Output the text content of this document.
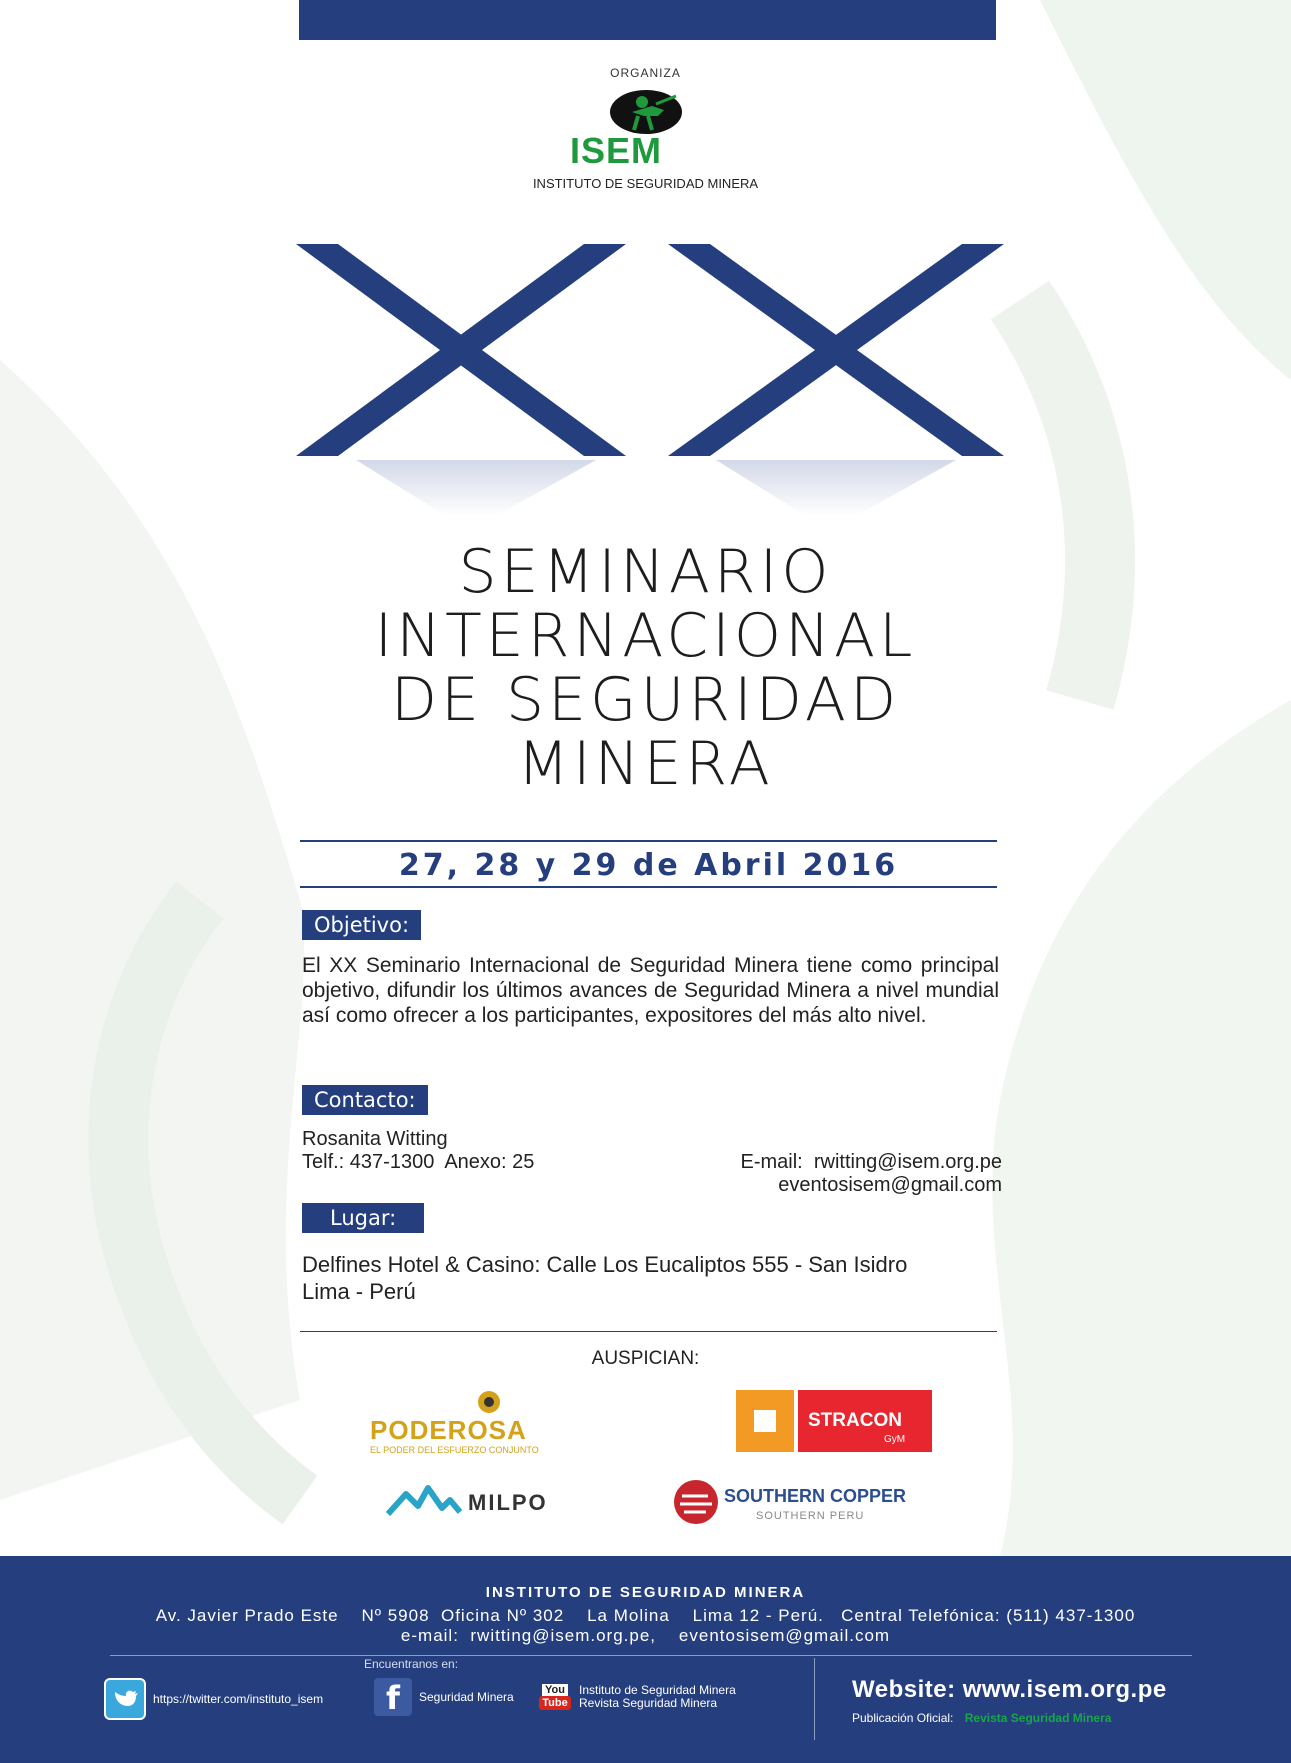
ORGANIZA
ISEM
INSTITUTO DE SEGURIDAD MINERA
SEMINARIO
INTERNACIONAL
DE SEGURIDAD
MINERA
27, 28 y 29 de Abril 2016
Objetivo:
El XX Seminario Internacional de Seguridad Minera tiene como principal objetivo, difundir los últimos avances de Seguridad Minera a nivel mundial así como ofrecer a los participantes, expositores del más alto nivel.
Contacto:
Rosanita Witting
Telf.: 437-1300  Anexo: 25	E-mail:  rwitting@isem.org.pe
eventosisem@gmail.com
Lugar:
Delfines Hotel & Casino: Calle Los Eucaliptos 555 - San Isidro
Lima - Perú
AUSPICIAN:
PODEROSA
EL PODER DEL ESFUERZO CONJUNTO
STRACON
GyM
MILPO	SOUTHERN COPPER
SOUTHERN PERU
INSTITUTO DE SEGURIDAD MINERA
Av. Javier Prado Este    Nº 5908  Oficina Nº 302    La Molina    Lima 12 - Perú.   Central Telefónica: (511) 437-1300
e-mail:  rwitting@isem.org.pe,    eventosisem@gmail.com
Encuentranos en:
https://twitter.com/instituto_isem	f	Seguridad Minera	You
Tube
Instituto de Seguridad Minera
Revista Seguridad Minera	Website: www.isem.org.pe
Publicación Oficial: Revista Seguridad Minera
